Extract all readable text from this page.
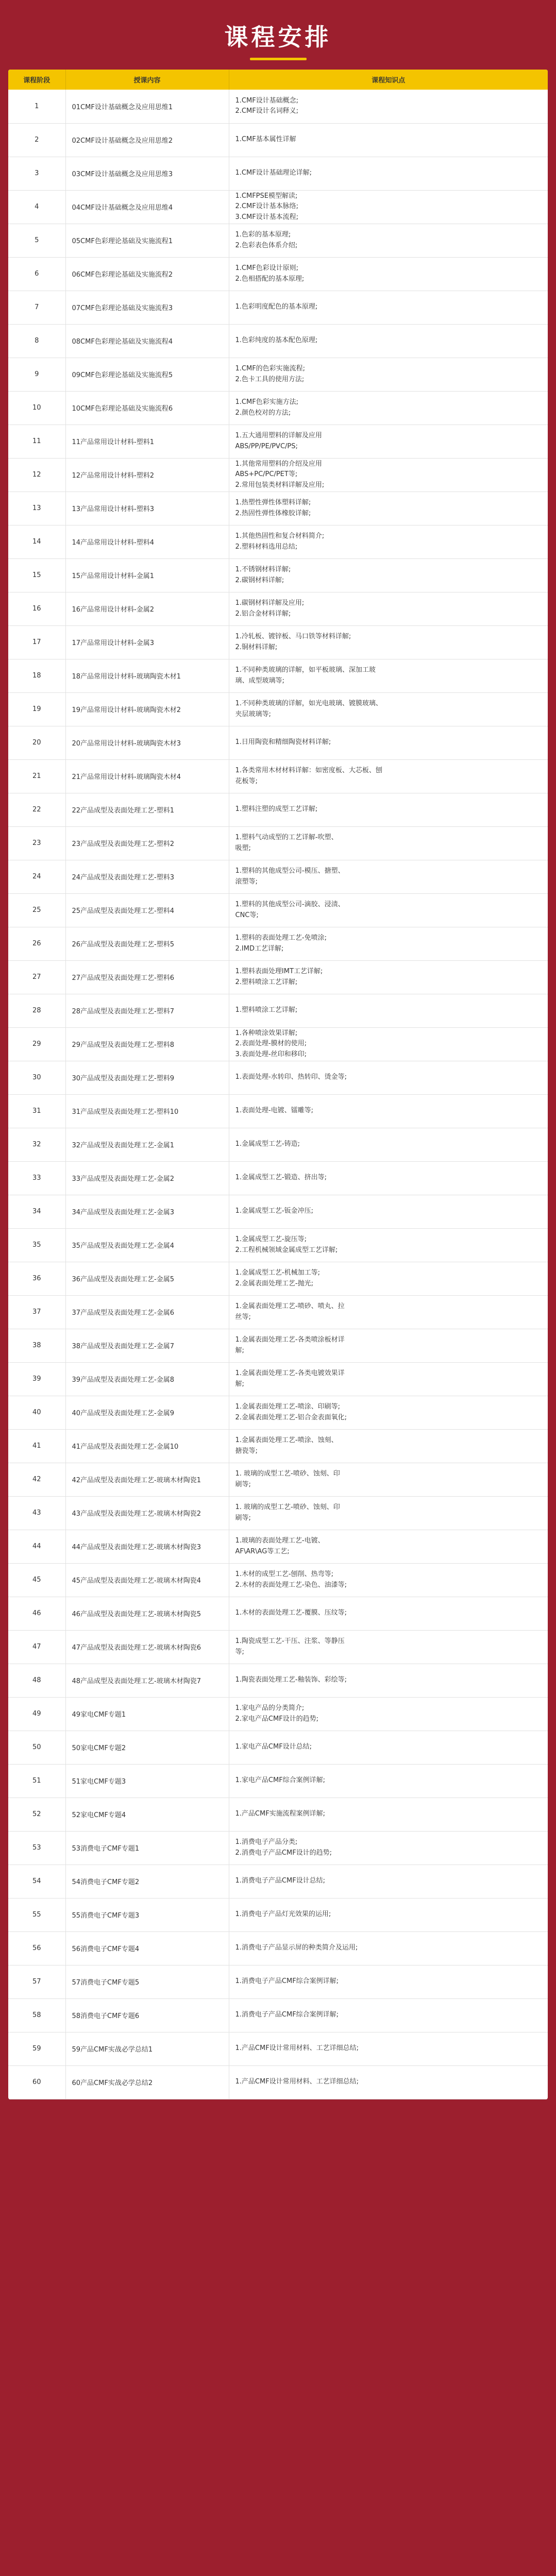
课程安排
课程阶段	授课内容	课程知识点
1	01CMF设计基础概念及应用思维1	1.CMF设计基础概念;
2.CMF设计名词释义;
2	02CMF设计基础概念及应用思维2	1.CMF基本属性详解
3	03CMF设计基础概念及应用思维3	1.CMF设计基础理论详解;
4	04CMF设计基础概念及应用思维4	1.CMFPSE模型解读;
2.CMF设计基本脉络;
3.CMF设计基本流程;
5	05CMF色彩理论基础及实施流程1	1.色彩的基本原理;
2.色彩表色体系介绍;
6	06CMF色彩理论基础及实施流程2	1.CMF色彩设计原则;
2.色相搭配的基本原理;
7	07CMF色彩理论基础及实施流程3	1.色彩明度配色的基本原理;
8	08CMF色彩理论基础及实施流程4	1.色彩纯度的基本配色原理;
9	09CMF色彩理论基础及实施流程5	1.CMF的色彩实施流程;
2.色卡工具的使用方法;
10	10CMF色彩理论基础及实施流程6	1.CMF色彩实施方法;
2.颜色校对的方法;
11	11产品常用设计材料-塑料1	1.五大通用塑料的详解及应用
ABS/PP/PE/PVC/PS;
12	12产品常用设计材料-塑料2	1.其他常用塑料的介绍及应用
ABS+PC/PC/PET等;
2.常用包装类材料详解及应用;
13	13产品常用设计材料-塑料3	1.热塑性弹性体塑料详解;
2.热固性弹性体橡胶详解;
14	14产品常用设计材料-塑料4	1.其他热固性和复合材料简介;
2.塑料材料选用总结;
15	15产品常用设计材料-金属1	1.不锈钢材料详解;
2.碳钢材料详解;
16	16产品常用设计材料-金属2	1.碳钢材料详解及应用;
2.铝合金材料详解;
17	17产品常用设计材料-金属3	1.冷轧板、镀锌板、马口铁等材料详解;
2.铜材料详解;
18	18产品常用设计材料-玻璃陶瓷木材1	1.不同种类玻璃的详解，如平板玻璃、深加工玻
璃、成型玻璃等;
19	19产品常用设计材料-玻璃陶瓷木材2	1.不同种类玻璃的详解，如光电玻璃、镀膜玻璃、
夹层玻璃等;
20	20产品常用设计材料-玻璃陶瓷木材3	1.日用陶瓷和精细陶瓷材料详解;
21	21产品常用设计材料-玻璃陶瓷木材4	1.各类常用木材材料详解：如密度板、大芯板、刨
花板等;
22	22产品成型及表面处理工艺-塑料1	1.塑料注塑的成型工艺详解;
23	23产品成型及表面处理工艺-塑料2	1.塑料气动成型的工艺详解-吹塑、
吸塑;
24	24产品成型及表面处理工艺-塑料3	1.塑料的其他成型公司-模压、搪塑、
滚塑等;
25	25产品成型及表面处理工艺-塑料4	1.塑料的其他成型公司-滴胶、浸渍、
CNC等;
26	26产品成型及表面处理工艺-塑料5	1.塑料的表面处理工艺-免喷涂;
2.IMD工艺详解;
27	27产品成型及表面处理工艺-塑料6	1.塑料表面处理IMT工艺详解;
2.塑料喷涂工艺详解;
28	28产品成型及表面处理工艺-塑料7	1.塑料喷涂工艺详解;
29	29产品成型及表面处理工艺-塑料8	1.各种喷涂效果详解;
2.表面处理-膜材的使用;
3.表面处理-丝印和移印;
30	30产品成型及表面处理工艺-塑料9	1.表面处理-水转印、热转印、烫金等;
31	31产品成型及表面处理工艺-塑料10	1.表面处理-电镀、镭雕等;
32	32产品成型及表面处理工艺-金属1	1.金属成型工艺-铸造;
33	33产品成型及表面处理工艺-金属2	1.金属成型工艺-锻造、挤出等;
34	34产品成型及表面处理工艺-金属3	1.金属成型工艺-钣金冲压;
35	35产品成型及表面处理工艺-金属4	1.金属成型工艺-旋压等;
2.工程机械领域金属成型工艺详解;
36	36产品成型及表面处理工艺-金属5	1.金属成型工艺-机械加工等;
2.金属表面处理工艺-抛光;
37	37产品成型及表面处理工艺-金属6	1.金属表面处理工艺-喷砂、喷丸、拉
丝等;
38	38产品成型及表面处理工艺-金属7	1.金属表面处理工艺-各类喷涂板材详
解;
39	39产品成型及表面处理工艺-金属8	1.金属表面处理工艺-各类电镀效果详
解;
40	40产品成型及表面处理工艺-金属9	1.金属表面处理工艺-喷涂、印刷等;
2.金属表面处理工艺-铝合金表面氧化;
41	41产品成型及表面处理工艺-金属10	1.金属表面处理工艺-喷涂、蚀刻、
搪瓷等;
42	42产品成型及表面处理工艺-玻璃木材陶瓷1	1. 玻璃的成型工艺-喷砂、蚀刻、印
刷等;
43	43产品成型及表面处理工艺-玻璃木材陶瓷2	1. 玻璃的成型工艺-喷砂、蚀刻、印
刷等;
44	44产品成型及表面处理工艺-玻璃木材陶瓷3	1.玻璃的表面处理工艺-电镀、
AF\AR\AG等工艺;
45	45产品成型及表面处理工艺-玻璃木材陶瓷4	1.木材的成型工艺-刨削、热弯等;
2.木材的表面处理工艺-染色、油漆等;
46	46产品成型及表面处理工艺-玻璃木材陶瓷5	1.木材的表面处理工艺-覆膜、压纹等;
47	47产品成型及表面处理工艺-玻璃木材陶瓷6	1.陶瓷成型工艺-干压、注浆、等静压
等;
48	48产品成型及表面处理工艺-玻璃木材陶瓷7	1.陶瓷表面处理工艺-釉装饰、彩绘等;
49	49家电CMF专题1	1.家电产品的分类简介;
2.家电产品CMF设计的趋势;
50	50家电CMF专题2	1.家电产品CMF设计总结;
51	51家电CMF专题3	1.家电产品CMF综合案例详解;
52	52家电CMF专题4	1.产品CMF实施流程案例详解;
53	53消费电子CMF专题1	1.消费电子产品分类;
2.消费电子产品CMF设计的趋势;
54	54消费电子CMF专题2	1.消费电子产品CMF设计总结;
55	55消费电子CMF专题3	1.消费电子产品灯光效果的运用;
56	56消费电子CMF专题4	1.消费电子产品显示屏的种类简介及运用;
57	57消费电子CMF专题5	1.消费电子产品CMF综合案例详解;
58	58消费电子CMF专题6	1.消费电子产品CMF综合案例详解;
59	59产品CMF实战必学总结1	1.产品CMF设计常用材料、工艺详细总结;
60	60产品CMF实战必学总结2	1.产品CMF设计常用材料、工艺详细总结;
